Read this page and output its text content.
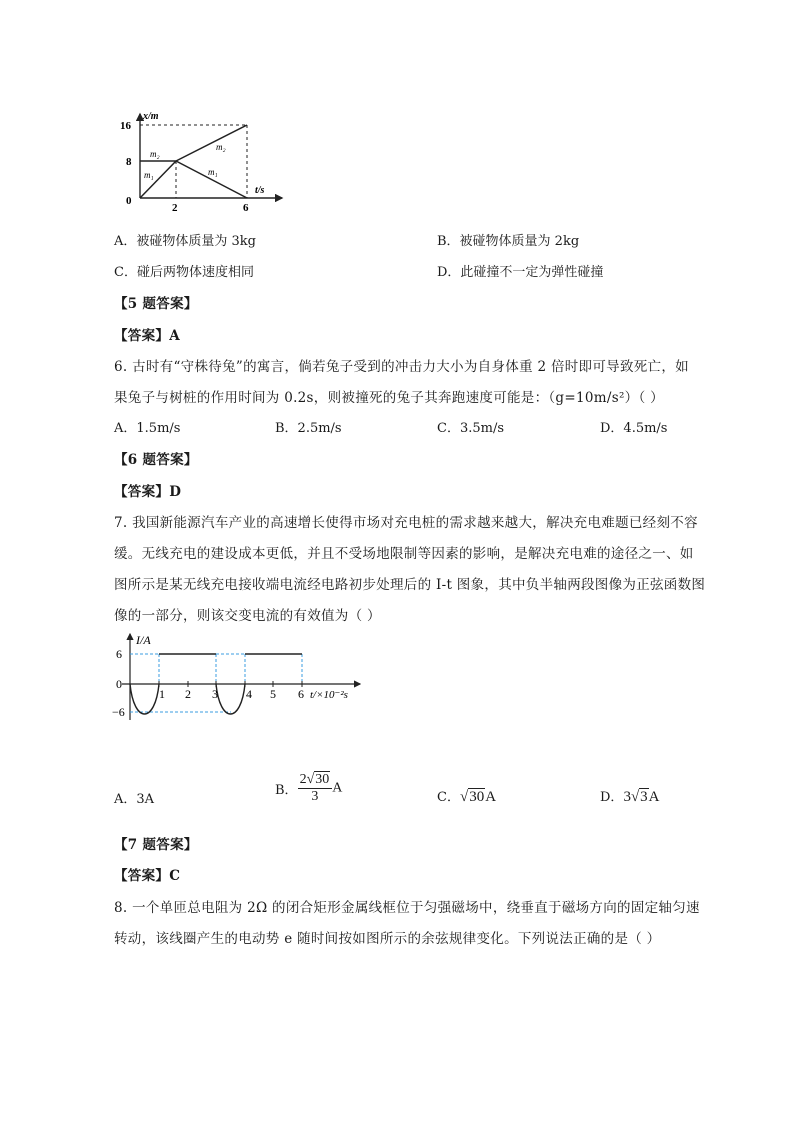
x/m
t/s
16
8
0
2	6
m₂
m₁
m₂
m₁
A．被碰物体质量为 3kg	B．被碰物体质量为 2kg
C．碰后两物体速度相同	D．此碰撞不一定为弹性碰撞
【5 题答案】
【答案】A
6. 古时有“守株待兔”的寓言，倘若兔子受到的冲击力大小为自身体重 2 倍时即可导致死亡，如
果兔子与树桩的作用时间为 0.2s，则被撞死的兔子其奔跑速度可能是：（g=10m/s²）（ ）
A．1.5m/s	B．2.5m/s	C．3.5m/s	D．4.5m/s
【6 题答案】
【答案】D
7. 我国新能源汽车产业的高速增长使得市场对充电桩的需求越来越大，解决充电难题已经刻不容
缓。无线充电的建设成本更低，并且不受场地限制等因素的影响，是解决充电难的途径之一、如
图所示是某无线充电接收端电流经电路初步处理后的 I-t 图象，其中负半轴两段图像为正弦函数图
像的一部分，则该交变电流的有效值为（ ）
I/A
6
0
−6
1 2 3 4 5 6 t/×10⁻²s
A．3A
B． $\frac{2√30}{3}$ A
C．√30A	D．3√3A
【7 题答案】
【答案】C
8. 一个单匝总电阻为 2Ω 的闭合矩形金属线框位于匀强磁场中，绕垂直于磁场方向的固定轴匀速
转动，该线圈产生的电动势 e 随时间按如图所示的余弦规律变化。下列说法正确的是（ ）
